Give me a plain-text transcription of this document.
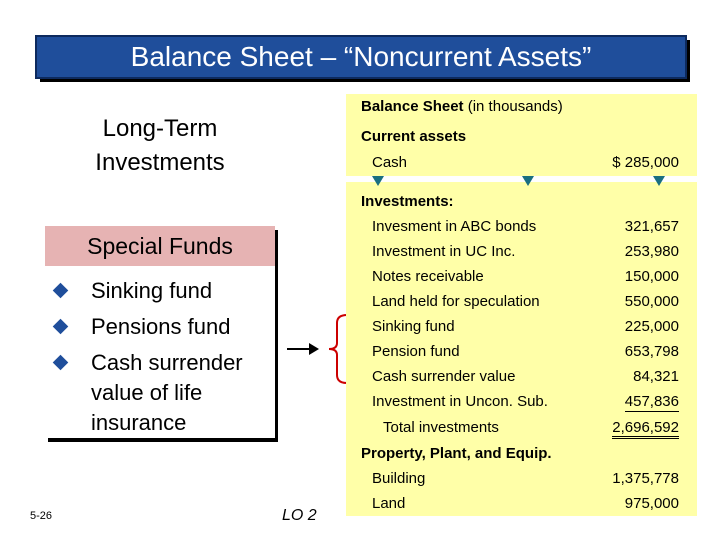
Balance Sheet – “Noncurrent Assets”
Long-Term
Investments
Special Funds
Sinking fund
Pensions fund
Cash surrender value of life insurance
Balance Sheet (in thousands)
Current assets
Cash	$ 285,000
Investments:
Invesment in ABC bonds	321,657
Investment in UC Inc.	253,980
Notes receivable	150,000
Land held for speculation	550,000
Sinking fund	225,000
Pension fund	653,798
Cash surrender value	84,321
Investment in Uncon. Sub.	457,836
Total investments	2,696,592
Property, Plant, and Equip.
Building	1,375,778
Land	975,000
5-26	LO 2
